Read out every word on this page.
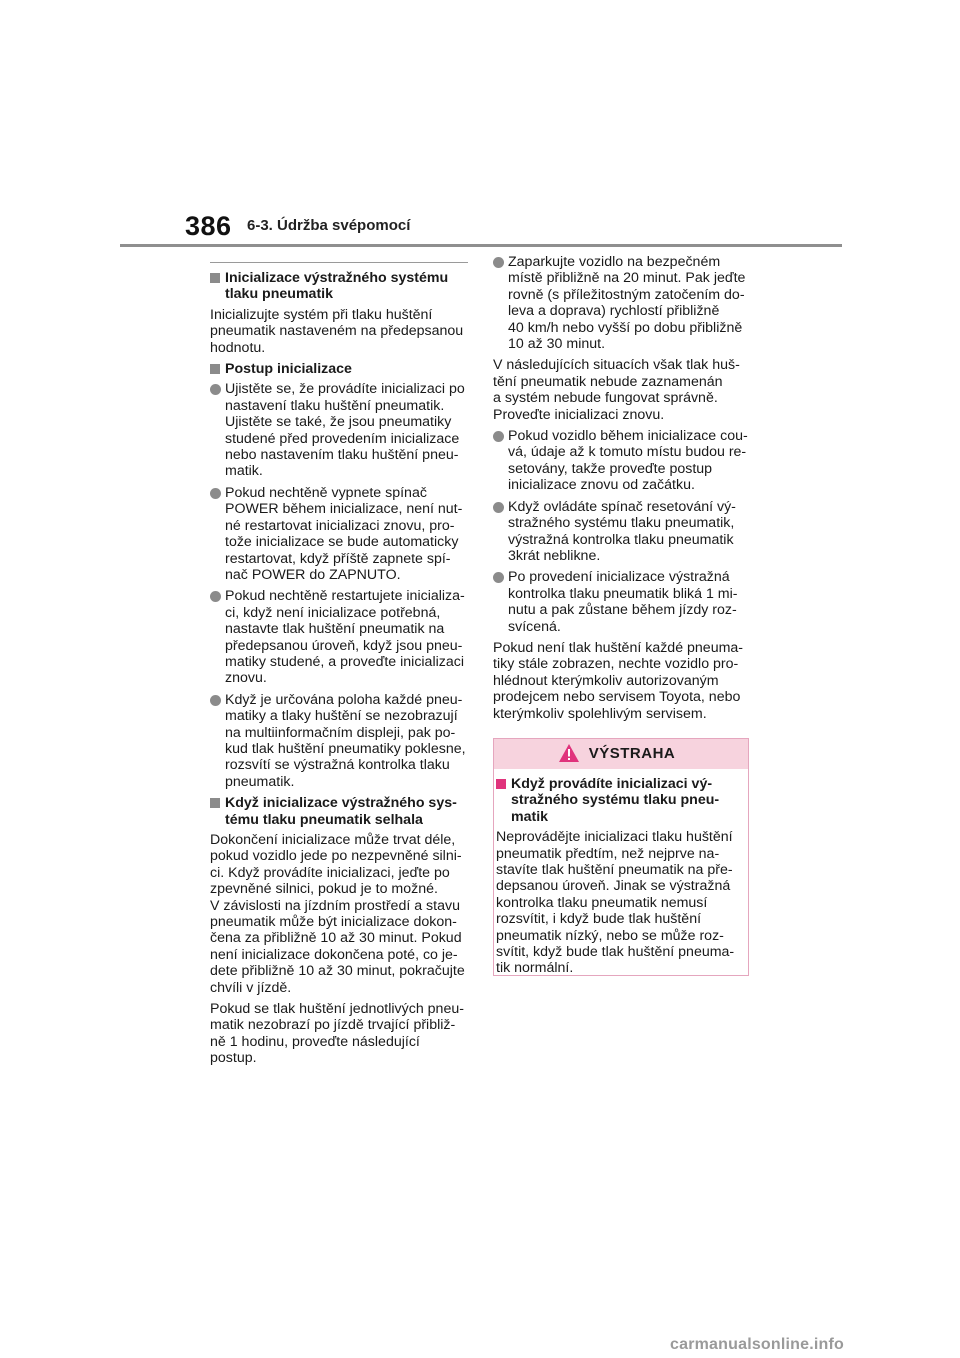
386 6-3. Údržba svépomocí
Inicializace výstražného systému
tlaku pneumatik
Inicializujte systém při tlaku huštění
pneumatik nastaveném na předepsanou
hodnotu.
Postup inicializace
Ujistěte se, že provádíte inicializaci po
nastavení tlaku huštění pneumatik.
Ujistěte se také, že jsou pneumatiky
studené před provedením inicializace
nebo nastavením tlaku huštění pneu-
matik.
Pokud nechtěně vypnete spínač
POWER během inicializace, není nut-
né restartovat inicializaci znovu, pro-
tože inicializace se bude automaticky
restartovat, když příště zapnete spí-
nač POWER do ZAPNUTO.
Pokud nechtěně restartujete inicializa-
ci, když není inicializace potřebná,
nastavte tlak huštění pneumatik na
předepsanou úroveň, když jsou pneu-
matiky studené, a proveďte inicializaci
znovu.
Když je určována poloha každé pneu-
matiky a tlaky huštění se nezobrazují
na multiinformačním displeji, pak po-
kud tlak huštění pneumatiky poklesne,
rozsvítí se výstražná kontrolka tlaku
pneumatik.
Když inicializace výstražného sys-
tému tlaku pneumatik selhala
Dokončení inicializace může trvat déle,
pokud vozidlo jede po nezpevněné silni-
ci. Když provádíte inicializaci, jeďte po
zpevněné silnici, pokud je to možné.
V závislosti na jízdním prostředí a stavu
pneumatik může být inicializace dokon-
čena za přibližně 10 až 30 minut. Pokud
není inicializace dokončena poté, co je-
dete přibližně 10 až 30 minut, pokračujte
chvíli v jízdě.
Pokud se tlak huštění jednotlivých pneu-
matik nezobrazí po jízdě trvající přibliž-
ně 1 hodinu, proveďte následující
postup.
Zaparkujte vozidlo na bezpečném
místě přibližně na 20 minut. Pak jeďte
rovně (s příležitostným zatočením do-
leva a doprava) rychlostí přibližně
40 km/h nebo vyšší po dobu přibližně
10 až 30 minut.
V následujících situacích však tlak huš-
tění pneumatik nebude zaznamenán
a systém nebude fungovat správně.
Proveďte inicializaci znovu.
Pokud vozidlo během inicializace cou-
vá, údaje až k tomuto místu budou re-
setovány, takže proveďte postup
inicializace znovu od začátku.
Když ovládáte spínač resetování vý-
stražného systému tlaku pneumatik,
výstražná kontrolka tlaku pneumatik
3krát neblikne.
Po provedení inicializace výstražná
kontrolka tlaku pneumatik bliká 1 mi-
nutu a pak zůstane během jízdy roz-
svícená.
Pokud není tlak huštění každé pneuma-
tiky stále zobrazen, nechte vozidlo pro-
hlédnout kterýmkoliv autorizovaným
prodejcem nebo servisem Toyota, nebo
kterýmkoliv spolehlivým servisem.
VÝSTRAHA
Když provádíte inicializaci vý-
stražného systému tlaku pneu-
matik
Neprovádějte inicializaci tlaku huštění
pneumatik předtím, než nejprve na-
stavíte tlak huštění pneumatik na pře-
depsanou úroveň. Jinak se výstražná
kontrolka tlaku pneumatik nemusí
rozsvítit, i když bude tlak huštění
pneumatik nízký, nebo se může roz-
svítit, když bude tlak huštění pneuma-
tik normální.
carmanualsonline.info
